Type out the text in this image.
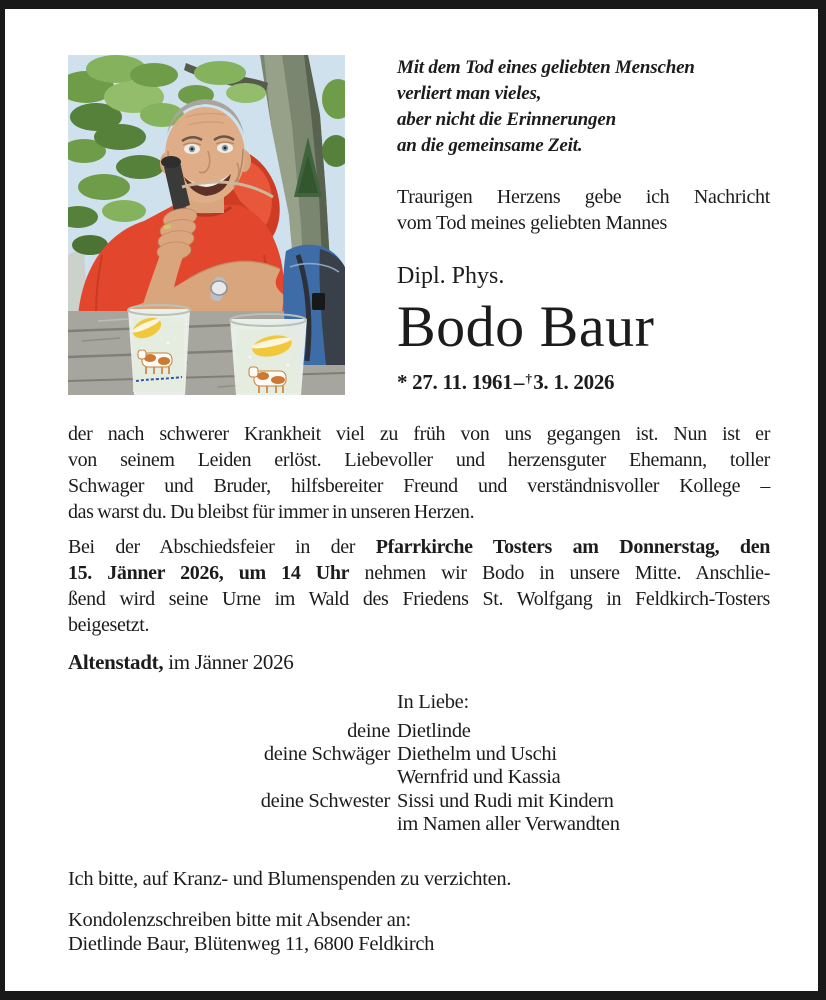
Mit dem Tod eines geliebten Menschen
verliert man vieles,
aber nicht die Erinnerungen
an die gemeinsame Zeit.
Traurigen Herzens gebe ich Nachricht
vom Tod meines geliebten Mannes
Dipl. Phys.
Bodo Baur
* 27. 11. 1961 – † 3. 1. 2026
der nach schwerer Krankheit viel zu früh von uns gegangen ist. Nun ist er
von seinem Leiden erlöst. Liebevoller und herzensguter Ehemann, toller
Schwager und Bruder, hilfsbereiter Freund und verständnisvoller Kollege –
das warst du. Du bleibst für immer in unseren Herzen.
Bei der Abschiedsfeier in der Pfarrkirche Tosters am Donnerstag, den
15. Jänner 2026, um 14 Uhr nehmen wir Bodo in unsere Mitte. Anschlie-
ßend wird seine Urne im Wald des Friedens St. Wolfgang in Feldkirch-Tosters
beigesetzt.
Altenstadt, im Jänner 2026
In Liebe:
deine Dietlinde
deine Schwäger Diethelm und Uschi
Wernfrid und Kassia
deine Schwester Sissi und Rudi mit Kindern
im Namen aller Verwandten
Ich bitte, auf Kranz- und Blumenspenden zu verzichten.
Kondolenzschreiben bitte mit Absender an:
Dietlinde Baur, Blütenweg 11, 6800 Feldkirch
